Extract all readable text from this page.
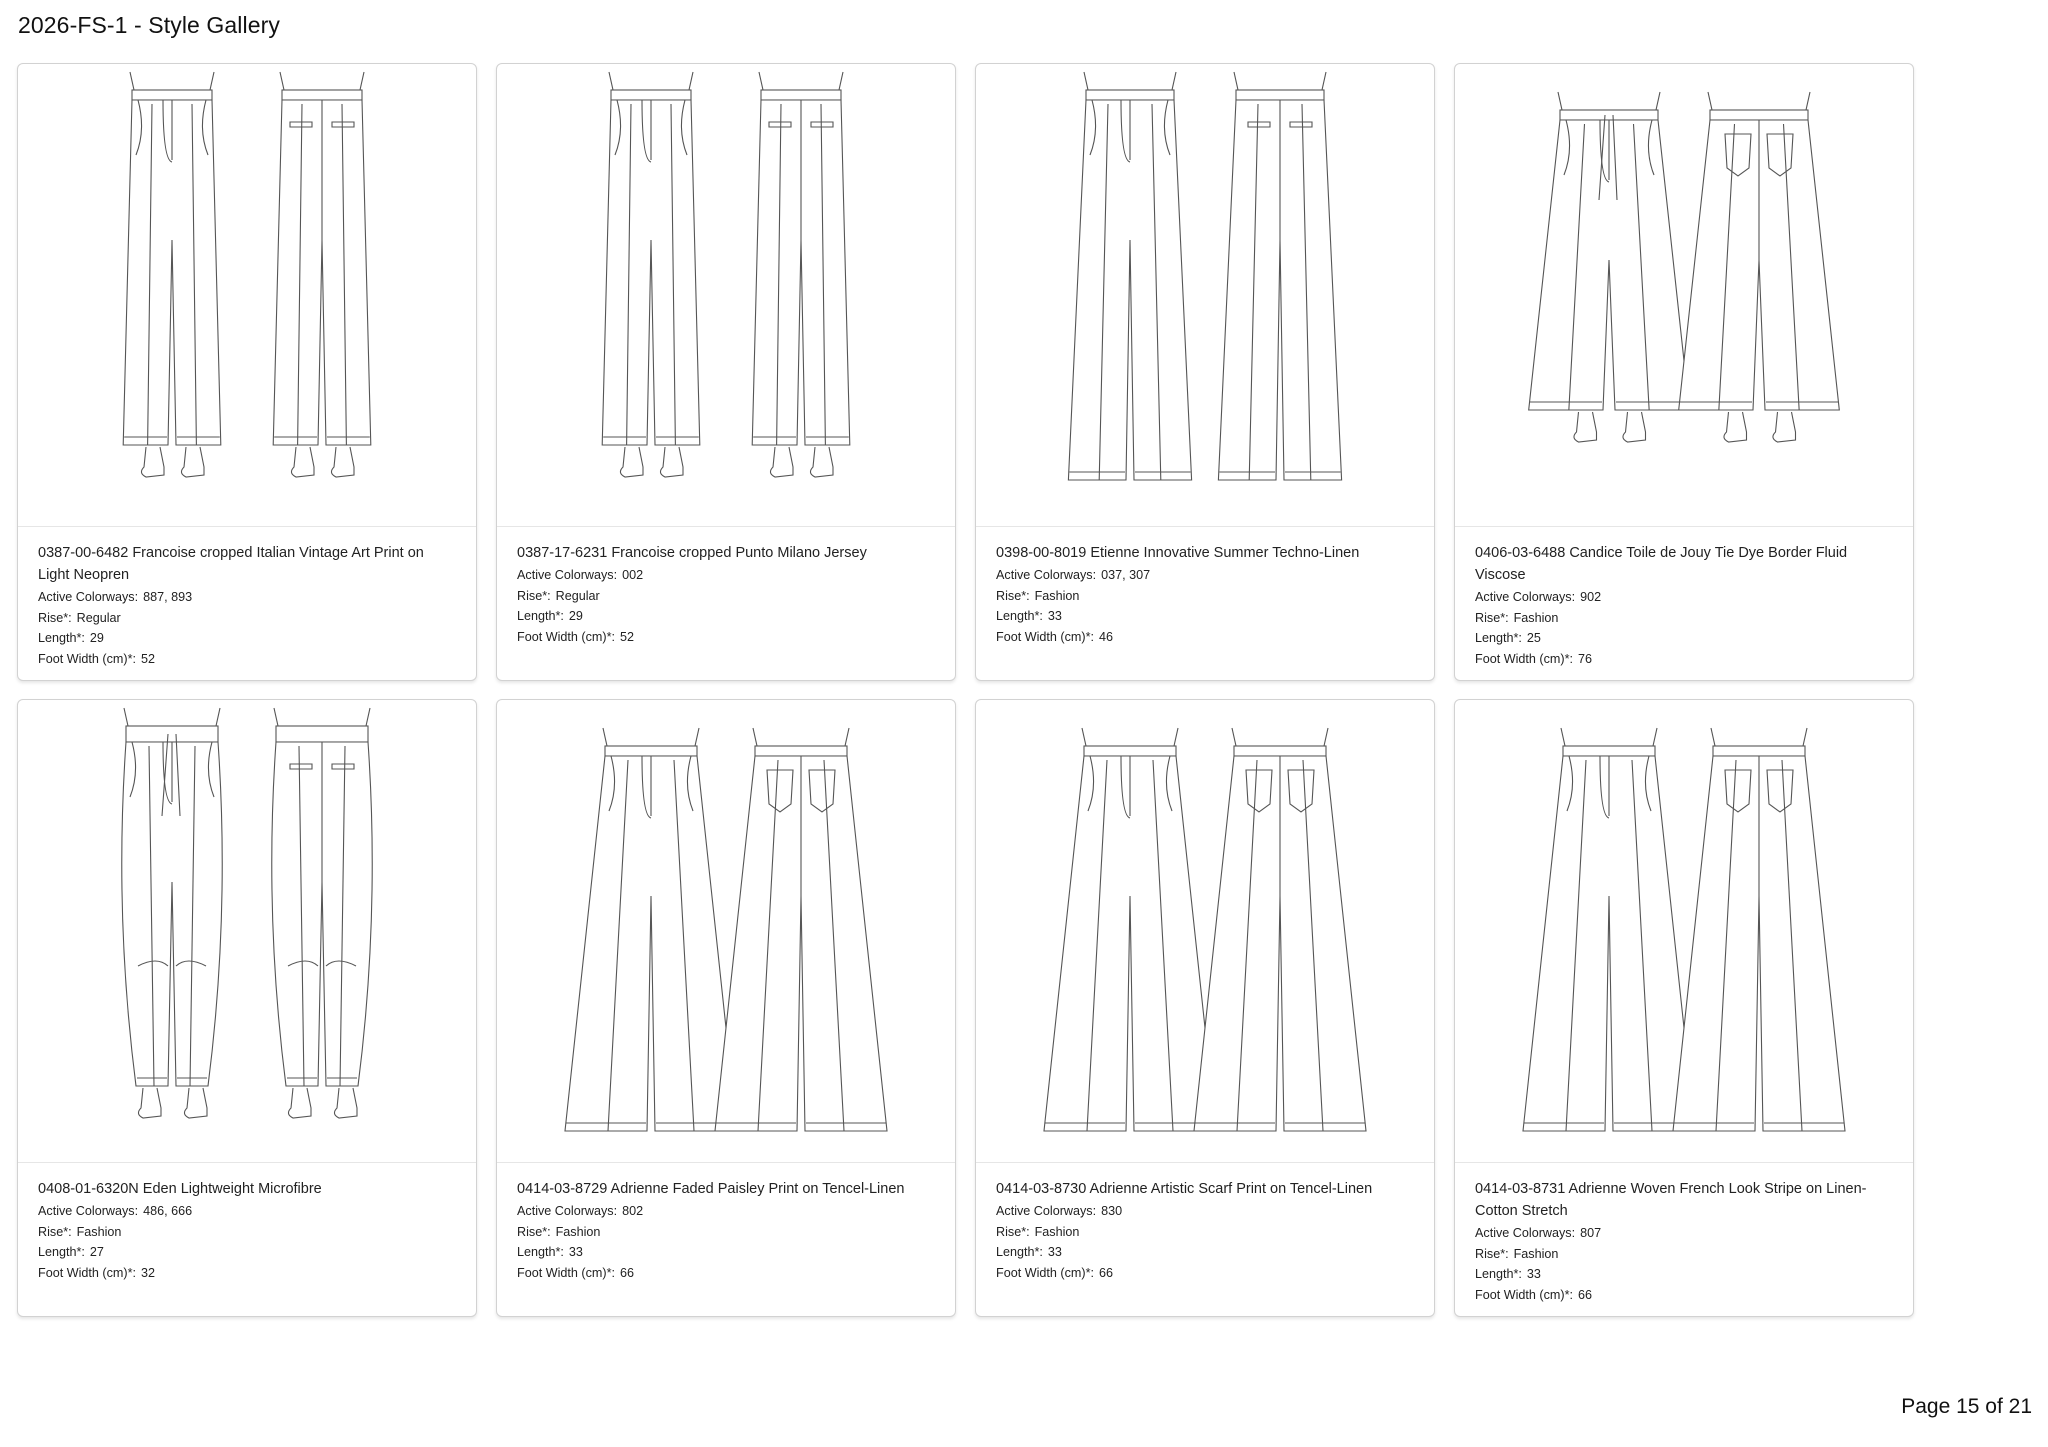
2026-FS-1 - Style Gallery
0387-00-6482 Francoise cropped Italian Vintage Art Print on Light Neopren
Active Colorways: 887, 893
Rise*: Regular
Length*: 29
Foot Width (cm)*: 52
0387-17-6231 Francoise cropped Punto Milano Jersey
Active Colorways: 002
Rise*: Regular
Length*: 29
Foot Width (cm)*: 52
0398-00-8019 Etienne Innovative Summer Techno-Linen
Active Colorways: 037, 307
Rise*: Fashion
Length*: 33
Foot Width (cm)*: 46
0406-03-6488 Candice Toile de Jouy Tie Dye Border Fluid Viscose
Active Colorways: 902
Rise*: Fashion
Length*: 25
Foot Width (cm)*: 76
0408-01-6320N Eden Lightweight Microfibre
Active Colorways: 486, 666
Rise*: Fashion
Length*: 27
Foot Width (cm)*: 32
0414-03-8729 Adrienne Faded Paisley Print on Tencel-Linen
Active Colorways: 802
Rise*: Fashion
Length*: 33
Foot Width (cm)*: 66
0414-03-8730 Adrienne Artistic Scarf Print on Tencel-Linen
Active Colorways: 830
Rise*: Fashion
Length*: 33
Foot Width (cm)*: 66
0414-03-8731 Adrienne Woven French Look Stripe on Linen-Cotton Stretch
Active Colorways: 807
Rise*: Fashion
Length*: 33
Foot Width (cm)*: 66
Page 15 of 21
